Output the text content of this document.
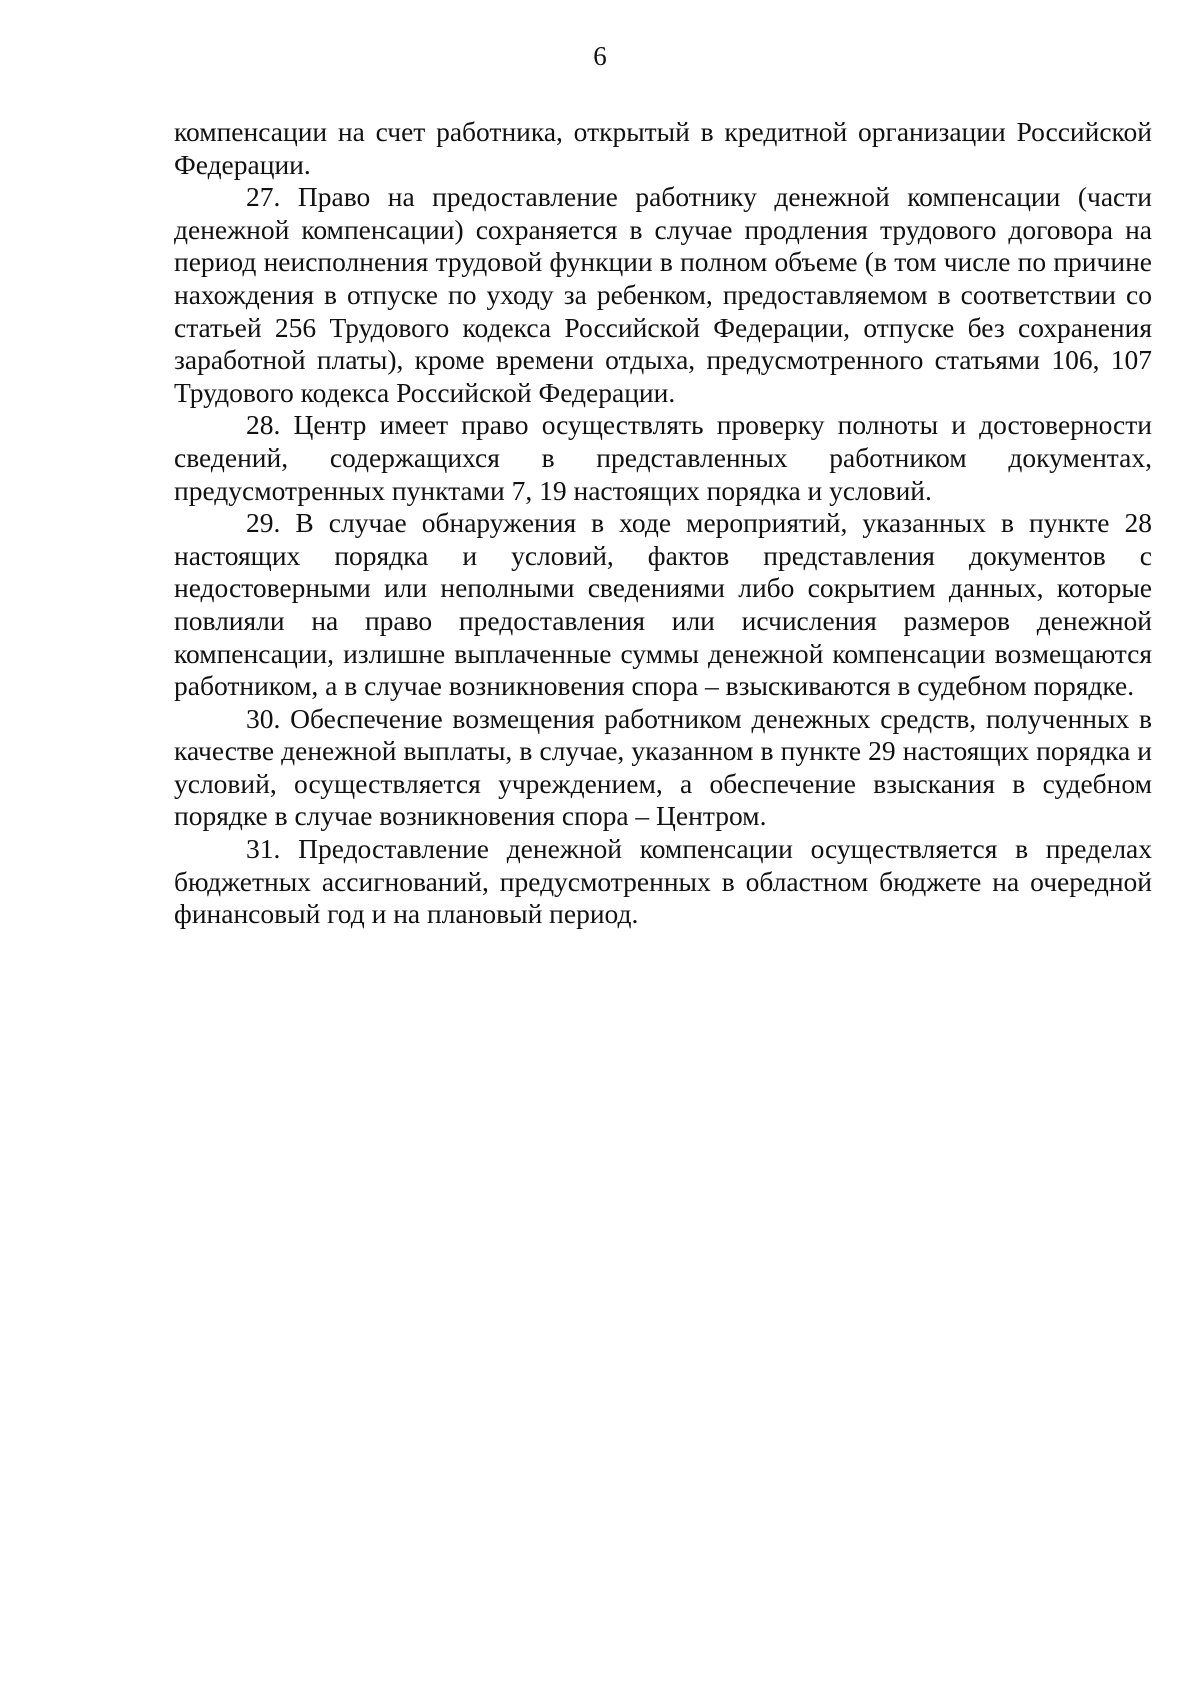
6

компенсации на счет работника, открытый в кредитной организации Российской Федерации.

27. Право на предоставление работнику денежной компенсации (части денежной компенсации) сохраняется в случае продления трудового договора на период неисполнения трудовой функции в полном объеме (в том числе по причине нахождения в отпуске по уходу за ребенком, предоставляемом в соответствии со статьей 256 Трудового кодекса Российской Федерации, отпуске без сохранения заработной платы), кроме времени отдыха, предусмотренного статьями 106, 107 Трудового кодекса Российской Федерации.

28. Центр имеет право осуществлять проверку полноты и достоверности сведений, содержащихся в представленных работником документах, предусмотренных пунктами 7, 19 настоящих порядка и условий.

29. В случае обнаружения в ходе мероприятий, указанных в пункте 28 настоящих порядка и условий, фактов представления документов с недостоверными или неполными сведениями либо сокрытием данных, которые повлияли на право предоставления или исчисления размеров денежной компенсации, излишне выплаченные суммы денежной компенсации возмещаются работником, а в случае возникновения спора – взыскиваются в судебном порядке.

30. Обеспечение возмещения работником денежных средств, полученных в качестве денежной выплаты, в случае, указанном в пункте 29 настоящих порядка и условий, осуществляется учреждением, а обеспечение взыскания в судебном порядке в случае возникновения спора – Центром.

31. Предоставление денежной компенсации осуществляется в пределах бюджетных ассигнований, предусмотренных в областном бюджете на очередной финансовый год и на плановый период.
